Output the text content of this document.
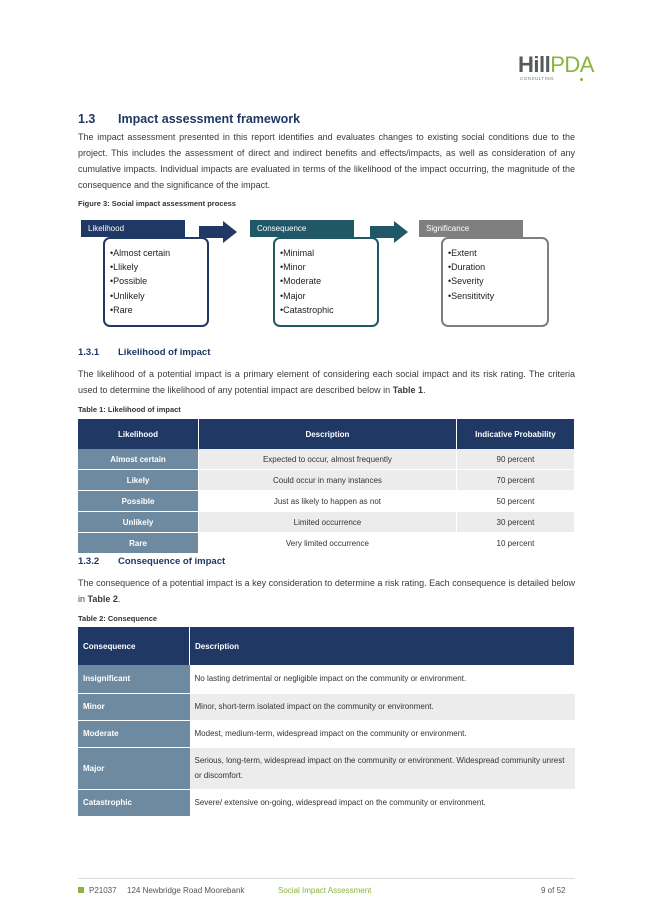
HillPDA
CONSULTING
1.3 Impact assessment framework
The impact assessment presented in this report identifies and evaluates changes to existing social conditions due to the project. This includes the assessment of direct and indirect benefits and effects/impacts, as well as consideration of any cumulative impacts. Individual impacts are evaluated in terms of the likelihood of the impact occurring, the magnitude of the consequence and the significance of the impact.
Figure 3: Social impact assessment process
•Almost certain
•Llikely
•Possible
•Unlikely
•Rare
Likelihood
•Minimal
•Minor
•Moderate
•Major
•Catastrophic
Consequence
•Extent
•Duration
•Severity
•Sensititvity
Significance
1.3.1 Likelihood of impact
The likelihood of a potential impact is a primary element of considering each social impact and its risk rating. The criteria used to determine the likelihood of any potential impact are described below in Table 1.
Table 1: Likelihood of impact
Likelihood	Description	Indicative Probability
Almost certain	Expected to occur, almost frequently	90 percent
Likely	Could occur in many instances	70 percent
Possible	Just as likely to happen as not	50 percent
Unlikely	Limited occurrence	30 percent
Rare	Very limited occurrence	10 percent
1.3.2 Consequence of impact
The consequence of a potential impact is a key consideration to determine a risk rating. Each consequence is detailed below in Table 2.
Table 2: Consequence
Consequence	Description
Insignificant	No lasting detrimental or negligible impact on the community or environment.
Minor	Minor, short-term isolated impact on the community or environment.
Moderate	Modest, medium-term, widespread impact on the community or environment.
Major	Serious, long-term, widespread impact on the community or environment. Widespread community unrest or discomfort.
Catastrophic	Severe/ extensive on-going, widespread impact on the community or environment.
P21037 124 Newbridge Road Moorebank	Social Impact Assessment	9 of 52
